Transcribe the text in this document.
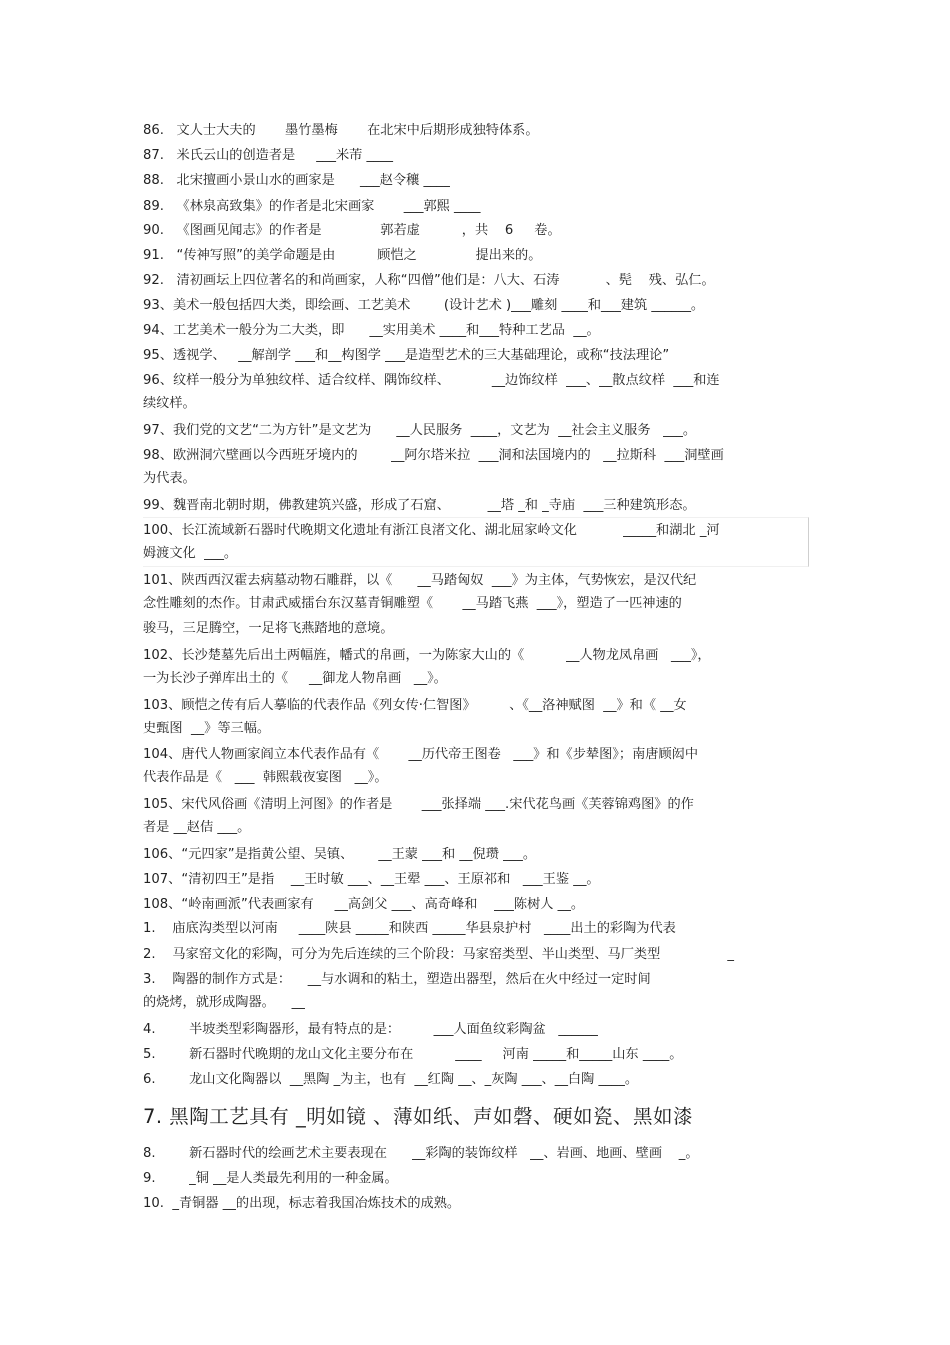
86.   文人士大夫的       墨竹墨梅       在北宋中后期形成独特体系。
87.   米氏云山的创造者是     ___米芾 ____
88.   北宋擅画小景山水的画家是      ___赵令穰 ____
89.   《林泉高致集》的作者是北宋画家       ___郭熙 ____
90.   《图画见闻志》的作者是              郭若虚          ，共    6     卷。
91.   “传神写照”的美学命题是由          顾恺之              提出来的。
92.   清初画坛上四位著名的和尚画家，人称“四僧”他们是：八大、石涛           、髡    残、弘仁。
93、美术一般包括四大类，即绘画、工艺美术        (设计艺术 )___雕刻 ____和___建筑 ______。
94、工艺美术一般分为二大类，即      __实用美术 ____和___特种工艺品  __。
95、透视学、   __解剖学 ___和__构图学 ___是造型艺术的三大基础理论，或称“技法理论”
96、纹样一般分为单独纹样、适合纹样、隅饰纹样、          __边饰纹样  ___、__散点纹样  ___和连
续纹样。
97、我们党的文艺“二为方针”是文艺为      __人民服务  ____，文艺为  __社会主义服务   ___。
98、欧洲洞穴壁画以今西班牙境内的        __阿尔塔米拉  ___洞和法国境内的   __拉斯科  ___洞壁画
为代表。
99、魏晋南北朝时期，佛教建筑兴盛，形成了石窟、         __塔 _和 _寺庙  ___三种建筑形态。
100、长江流域新石器时代晚期文化遗址有浙江良渚文化、湖北屈家岭文化           _____和湖北 _河
姆渡文化  ___。
101、陕西西汉霍去病墓动物石雕群，以《      __马踏匈奴  ___》为主体，气势恢宏，是汉代纪
念性雕刻的杰作。甘肃武威擂台东汉墓青铜雕塑《       __马踏飞燕  ___》，塑造了一匹神速的
骏马，三足腾空，一足将飞燕踏地的意境。
102、长沙楚墓先后出土两幅旌，幡式的帛画，一为陈家大山的《          __人物龙凤帛画   ___》，
一为长沙子弹库出土的《     __御龙人物帛画   __》。
103、顾恺之传有后人摹临的代表作品《列女传·仁智图》        、《__洛神赋图  __》和《 __女
史甄图  __》等三幅。
104、唐代人物画家阎立本代表作品有《       __历代帝王图卷   ___》和《步辇图》；南唐顾闳中
代表作品是《   ___  韩熙载夜宴图   __》。
105、宋代风俗画《清明上河图》的作者是       ___张择端 ___.宋代花鸟画《芙蓉锦鸡图》的作
者是 __赵佶 ___。
106、“元四家”是指黄公望、吴镇、      __王蒙 ___和 __倪瓒 ___。
107、“清初四王”是指    __王时敏 ___、__王翚 ___、王原祁和   ___王鉴 __。
108、“岭南画派”代表画家有     __高剑父 ___、高奇峰和    ___陈树人 __。
1.    庙底沟类型以河南     ____陕县 _____和陕西 _____华县泉护村   ____出土的彩陶为代表
2.    马家窑文化的彩陶，可分为先后连续的三个阶段：马家窑类型、半山类型、马厂类型                _
3.    陶器的制作方式是：    __与水调和的粘土，塑造出器型，然后在火中经过一定时间
的烧烤，就形成陶器。    __
4.        半坡类型彩陶器形，最有特点的是：        ___人面鱼纹彩陶盆   ______
5.        新石器时代晚期的龙山文化主要分布在          ____     河南 _____和_____山东 ____。
6.        龙山文化陶器以  __黑陶 _为主，也有  __红陶 __、_灰陶 ___、__白陶 ____。
7. 黑陶工艺具有 _明如镜 、薄如纸、声如磬、硬如瓷、黑如漆
8.        新石器时代的绘画艺术主要表现在      __彩陶的装饰纹样   __、岩画、地画、壁画    _。
9.        _铜 __是人类最先利用的一种金属。
10.  _青铜器 __的出现，标志着我国冶炼技术的成熟。
